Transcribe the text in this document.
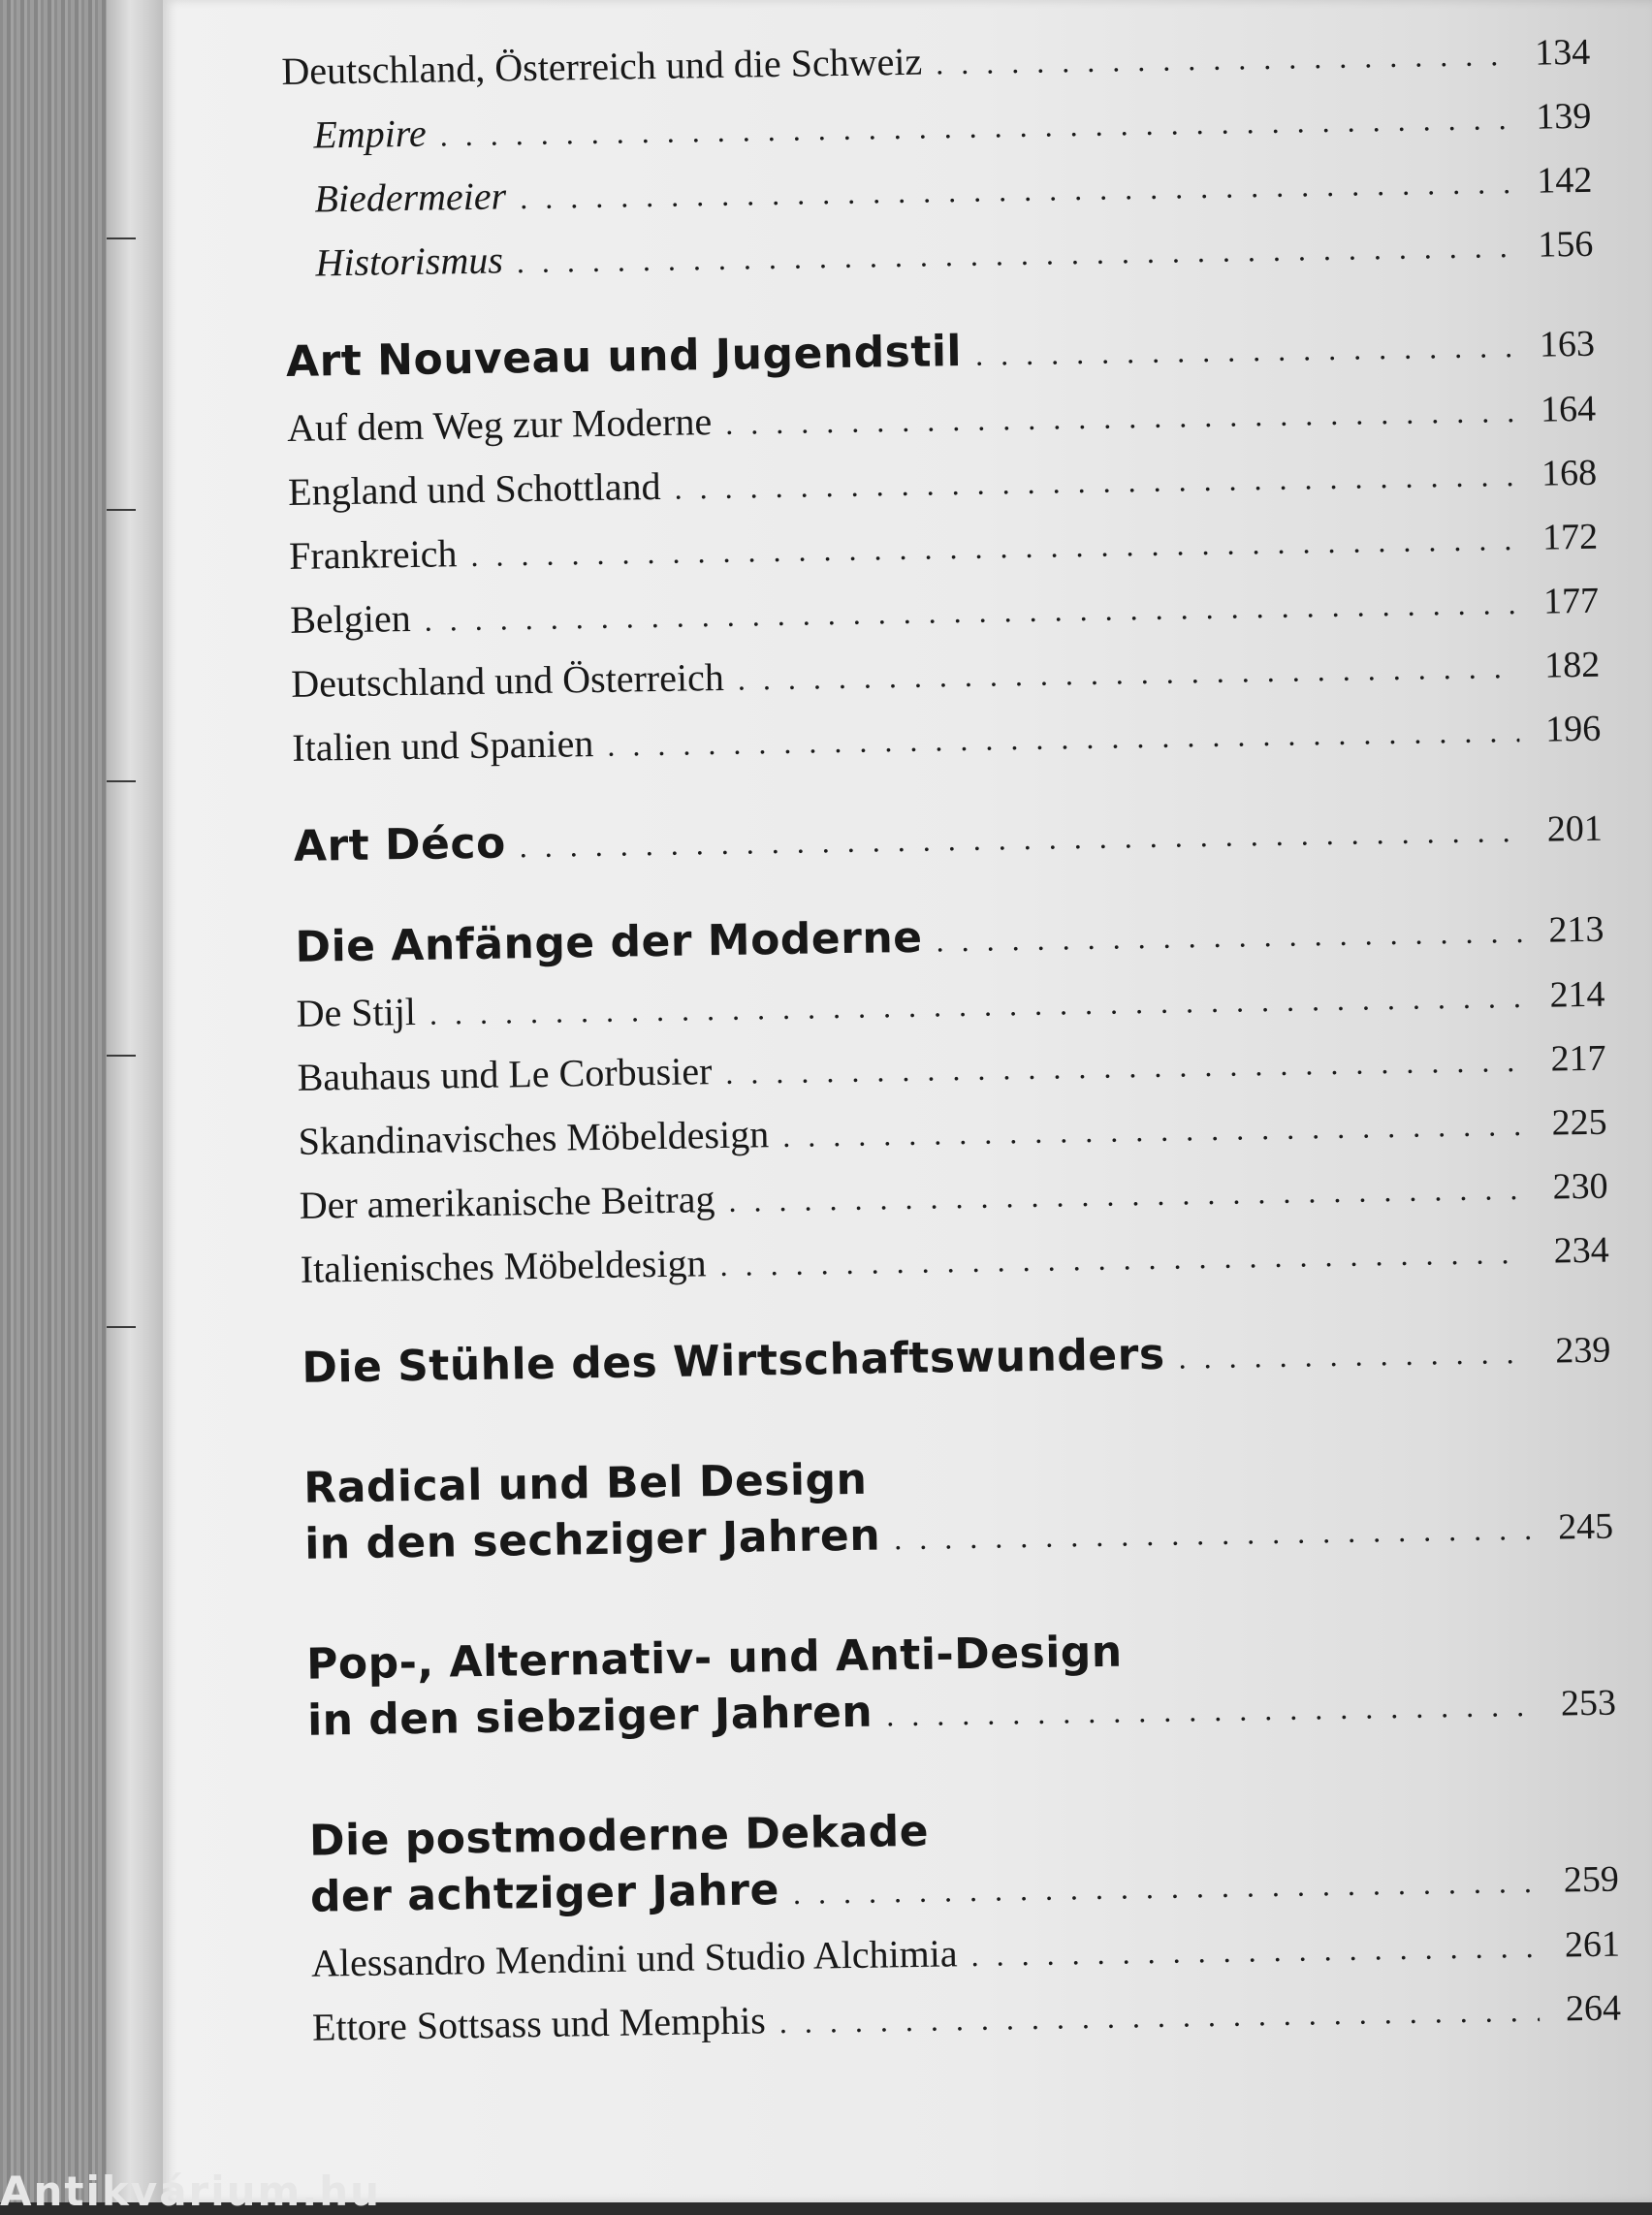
Deutschland, Österreich und die Schweiz . . .	134
Empire . . .	139
Biedermeier . . .	142
Historismus . . .	156
Art Nouveau und Jugendstil . . .	163
Auf dem Weg zur Moderne . . .	164
England und Schottland . . .	168
Frankreich . . .	172
Belgien . . .	177
Deutschland und Österreich . . .	182
Italien und Spanien . . .	196
Art Déco . . .	201
Die Anfänge der Moderne . . .	213
De Stijl . . .	214
Bauhaus und Le Corbusier . . .	217
Skandinavisches Möbeldesign . . .	225
Der amerikanische Beitrag . . .	230
Italienisches Möbeldesign . . .	234
Die Stühle des Wirtschaftswunders . . .	239
Radical und Bel Design
in den sechziger Jahren . . .	245
Pop-, Alternativ- und Anti-Design
in den siebziger Jahren . . .	253
Die postmoderne Dekade
der achtziger Jahre . . .	259
Alessandro Mendini und Studio Alchimia . . .	261
Ettore Sottsass und Memphis . . .	264
Antikvárium.hu
